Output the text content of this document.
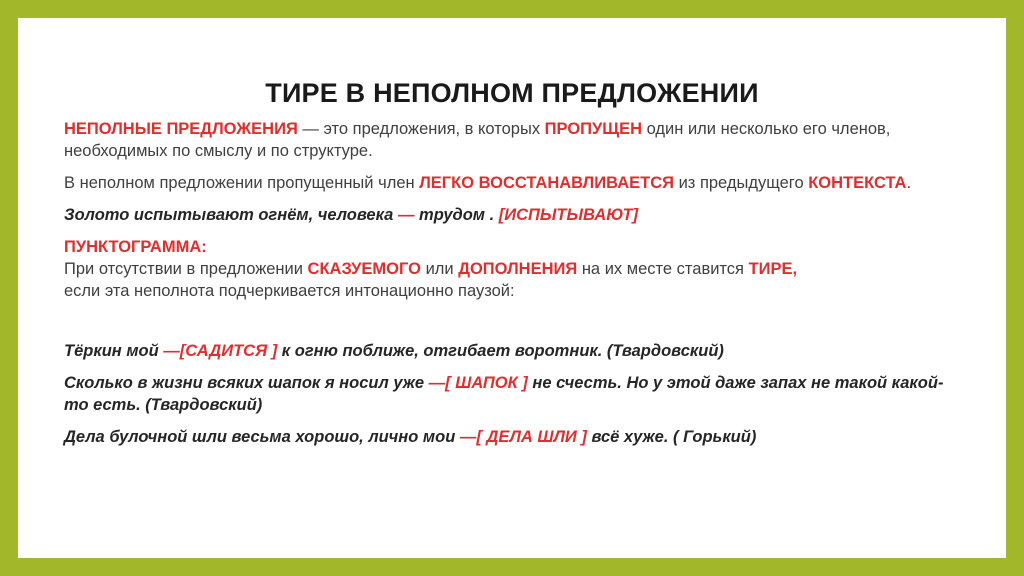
ТИРЕ В НЕПОЛНОМ ПРЕДЛОЖЕНИИ

НЕПОЛНЫЕ ПРЕДЛОЖЕНИЯ — это предложения, в которых ПРОПУЩЕН один или несколько его членов, необходимых по смыслу и по структуре.

В неполном предложении пропущенный член ЛЕГКО ВОССТАНАВЛИВАЕТСЯ из предыдущего КОНТЕКСТА.

Золото испытывают огнём, человека — трудом . [ИСПЫТЫВАЮТ]

ПУНКТОГРАММА:
При отсутствии в предложении СКАЗУЕМОГО или ДОПОЛНЕНИЯ на их месте ставится ТИРЕ,
если эта неполнота подчеркивается интонационно паузой:

Тёркин мой —[САДИТСЯ ] к огню поближе, отгибает воротник. (Твардовский)

Сколько в жизни всяких шапок я носил уже —[ ШАПОК ] не счесть. Но у этой даже запах не такой какой-то есть. (Твардовский)

Дела булочной шли весьма хорошо, лично мои —[ ДЕЛА ШЛИ ] всё хуже. ( Горький)
